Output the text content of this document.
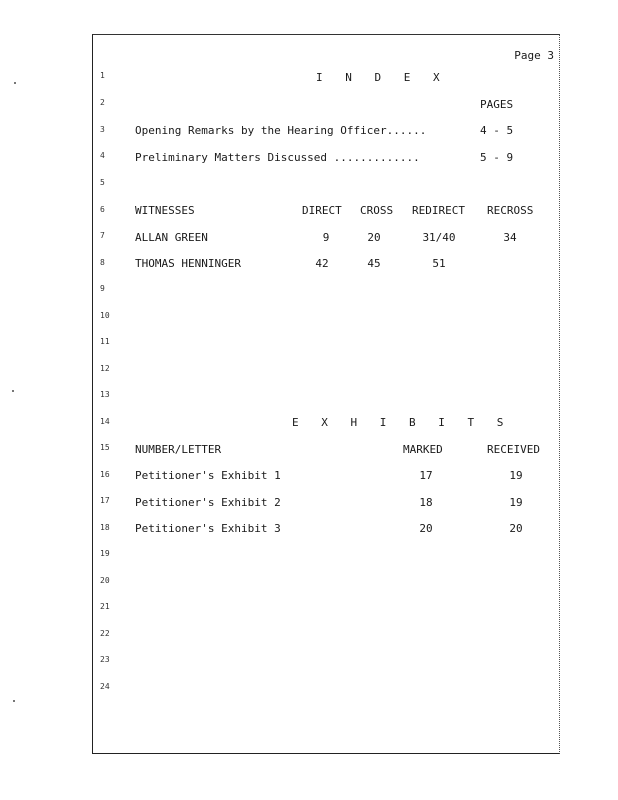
Page 3
1
2
3
4
5
6
7
8
9
10
11
12
13
14
15
16
17
18
19
20
21
22
23
24
I N D E X
PAGES
Opening Remarks by the Hearing Officer......	4 - 5
Preliminary Matters Discussed .............	5 - 9
WITNESSES	DIRECT CROSS REDIRECT RECROSS
ALLAN GREEN	9	20	31/40	34
THOMAS HENNINGER	42	45	51
E X H I B I T S
NUMBER/LETTER	MARKED	RECEIVED
Petitioner's Exhibit 1	17	19
Petitioner's Exhibit 2	18	19
Petitioner's Exhibit 3	20	20
